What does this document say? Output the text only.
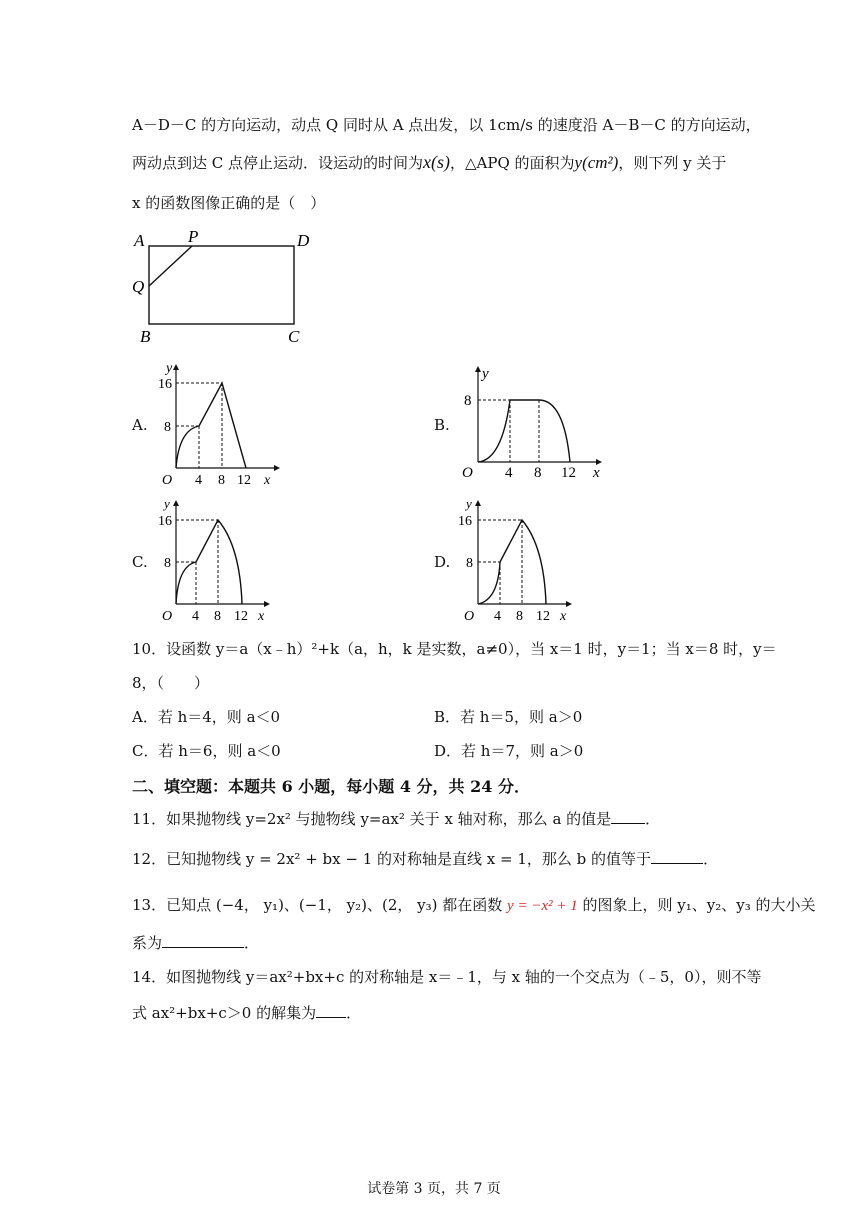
A－D－C 的方向运动，动点 Q 同时从 A 点出发，以 1cm/s 的速度沿 A－B－C 的方向运动，
两动点到达 C 点停止运动．设运动的时间为x(s)，△APQ 的面积为y(cm²)，则下列 y 关于
x 的函数图像正确的是（　）
A	P	D
Q
B	C
A.
y
16
8
O 4 8 12 x
B.
y
8
O 4 8 12 x
C.
y
16
8
O 4 8 12 x
D.
y
16
8
O 4 8 12 x
10．设函数 y＝a（x﹣h）²+k（a，h，k 是实数，a≠0），当 x＝1 时，y＝1；当 x＝8 时，y＝
8，（　　）
A．若 h＝4，则 a＜0	B．若 h＝5，则 a＞0
C．若 h＝6，则 a＜0	D．若 h＝7，则 a＞0
二、填空题：本题共 6 小题，每小题 4 分，共 24 分．
11．如果抛物线 y=2x² 与抛物线 y=ax² 关于 x 轴对称，那么 a 的值是 ．
12．已知抛物线 y = 2x² + bx − 1 的对称轴是直线 x = 1，那么 b 的值等于	．
13．已知点 (−4， y₁)、(−1， y₂)、(2， y₃) 都在函数 y = −x² + 1 的图象上，则 y₁、y₂、y₃ 的大小关
系为	．
14．如图抛物线 y＝ax²+bx+c 的对称轴是 x＝﹣1，与 x 轴的一个交点为（﹣5，0），则不等
式 ax²+bx+c＞0 的解集为 ．
试卷第 3 页，共 7 页
